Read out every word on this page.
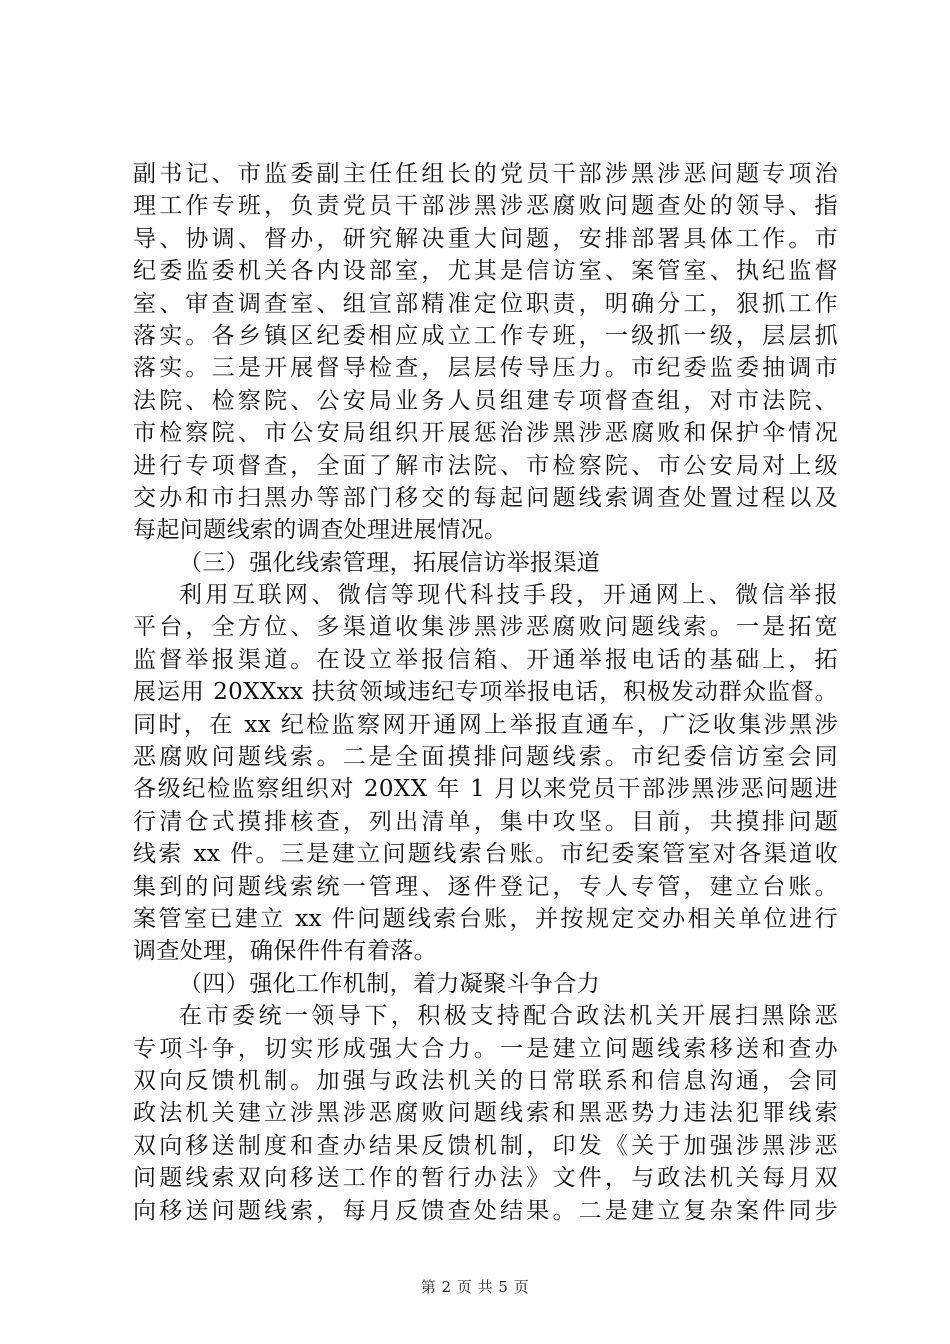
副书记、市监委副主任任组长的党员干部涉黑涉恶问题专项治
理工作专班，负责党员干部涉黑涉恶腐败问题查处的领导、指
导、协调、督办，研究解决重大问题，安排部署具体工作。市
纪委监委机关各内设部室，尤其是信访室、案管室、执纪监督
室、审查调查室、组宣部精准定位职责，明确分工，狠抓工作
落实。各乡镇区纪委相应成立工作专班，一级抓一级，层层抓
落实。三是开展督导检查，层层传导压力。市纪委监委抽调市
法院、检察院、公安局业务人员组建专项督查组，对市法院、
市检察院、市公安局组织开展惩治涉黑涉恶腐败和保护伞情况
进行专项督查，全面了解市法院、市检察院、市公安局对上级
交办和市扫黑办等部门移交的每起问题线索调查处置过程以及
每起问题线索的调查处理进展情况。
（三）强化线索管理，拓展信访举报渠道
利用互联网、微信等现代科技手段，开通网上、微信举报
平台，全方位、多渠道收集涉黑涉恶腐败问题线索。一是拓宽
监督举报渠道。在设立举报信箱、开通举报电话的基础上，拓
展运用 20XXxx 扶贫领域违纪专项举报电话，积极发动群众监督。
同时，在 xx 纪检监察网开通网上举报直通车，广泛收集涉黑涉
恶腐败问题线索。二是全面摸排问题线索。市纪委信访室会同
各级纪检监察组织对 20XX 年 1 月以来党员干部涉黑涉恶问题进
行清仓式摸排核查，列出清单，集中攻坚。目前，共摸排问题
线索 xx 件。三是建立问题线索台账。市纪委案管室对各渠道收
集到的问题线索统一管理、逐件登记，专人专管，建立台账。
案管室已建立 xx 件问题线索台账，并按规定交办相关单位进行
调查处理，确保件件有着落。
（四）强化工作机制，着力凝聚斗争合力
在市委统一领导下，积极支持配合政法机关开展扫黑除恶
专项斗争，切实形成强大合力。一是建立问题线索移送和查办
双向反馈机制。加强与政法机关的日常联系和信息沟通，会同
政法机关建立涉黑涉恶腐败问题线索和黑恶势力违法犯罪线索
双向移送制度和查办结果反馈机制，印发《关于加强涉黑涉恶
问题线索双向移送工作的暂行办法》文件，与政法机关每月双
向移送问题线索，每月反馈查处结果。二是建立复杂案件同步
第 2 页 共 5 页
